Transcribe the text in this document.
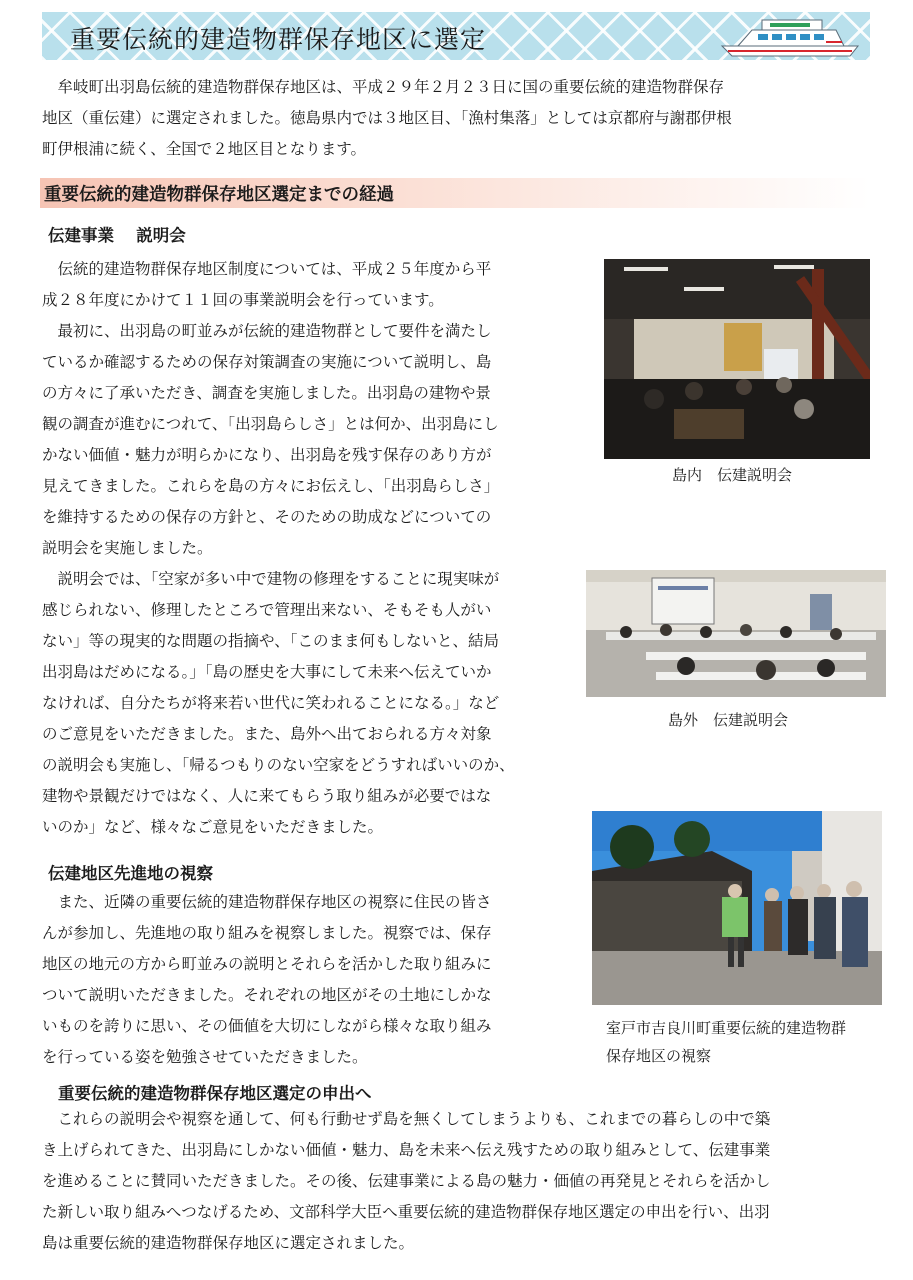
重要伝統的建造物群保存地区に選定

牟岐町出羽島伝統的建造物群保存地区は、平成２９年２月２３日に国の重要伝統的建造物群保存

地区（重伝建）に選定されました。徳島県内では３地区目、「漁村集落」としては京都府与謝郡伊根

町伊根浦に続く、全国で２地区目となります。

重要伝統的建造物群保存地区選定までの経過
伝建事業　 説明会

伝統的建造物群保存地区制度については、平成２５年度から平

成２８年度にかけて１１回の事業説明会を行っています。

最初に、出羽島の町並みが伝統的建造物群として要件を満たし

ているか確認するための保存対策調査の実施について説明し、島

の方々に了承いただき、調査を実施しました。出羽島の建物や景

観の調査が進むにつれて、「出羽島らしさ」とは何か、出羽島にし

かない価値・魅力が明らかになり、出羽島を残す保存のあり方が

見えてきました。これらを島の方々にお伝えし、「出羽島らしさ」

を維持するための保存の方針と、そのための助成などについての

説明会を実施しました。

説明会では、「空家が多い中で建物の修理をすることに現実味が

感じられない、修理したところで管理出来ない、そもそも人がい

ない」等の現実的な問題の指摘や、「このまま何もしないと、結局

出羽島はだめになる。」「島の歴史を大事にして未来へ伝えていか

なければ、自分たちが将来若い世代に笑われることになる。」など

のご意見をいただきました。また、島外へ出ておられる方々対象

の説明会も実施し、「帰るつもりのない空家をどうすればいいのか、

建物や景観だけではなく、人に来てもらう取り組みが必要ではな

いのか」など、様々なご意見をいただきました。

島内　伝建説明会
島外　伝建説明会
伝建地区先進地の視察

また、近隣の重要伝統的建造物群保存地区の視察に住民の皆さ

んが参加し、先進地の取り組みを視察しました。視察では、保存

地区の地元の方から町並みの説明とそれらを活かした取り組みに

ついて説明いただきました。それぞれの地区がその土地にしかな

いものを誇りに思い、その価値を大切にしながら様々な取り組み

を行っている姿を勉強させていただきました。

室戸市吉良川町重要伝統的建造物群
保存地区の視察
重要伝統的建造物群保存地区選定の申出へ

これらの説明会や視察を通して、何も行動せず島を無くしてしまうよりも、これまでの暮らしの中で築

き上げられてきた、出羽島にしかない価値・魅力、島を未来へ伝え残すための取り組みとして、伝建事業

を進めることに賛同いただきました。その後、伝建事業による島の魅力・価値の再発見とそれらを活かし

た新しい取り組みへつなげるため、文部科学大臣へ重要伝統的建造物群保存地区選定の申出を行い、出羽

島は重要伝統的建造物群保存地区に選定されました。
